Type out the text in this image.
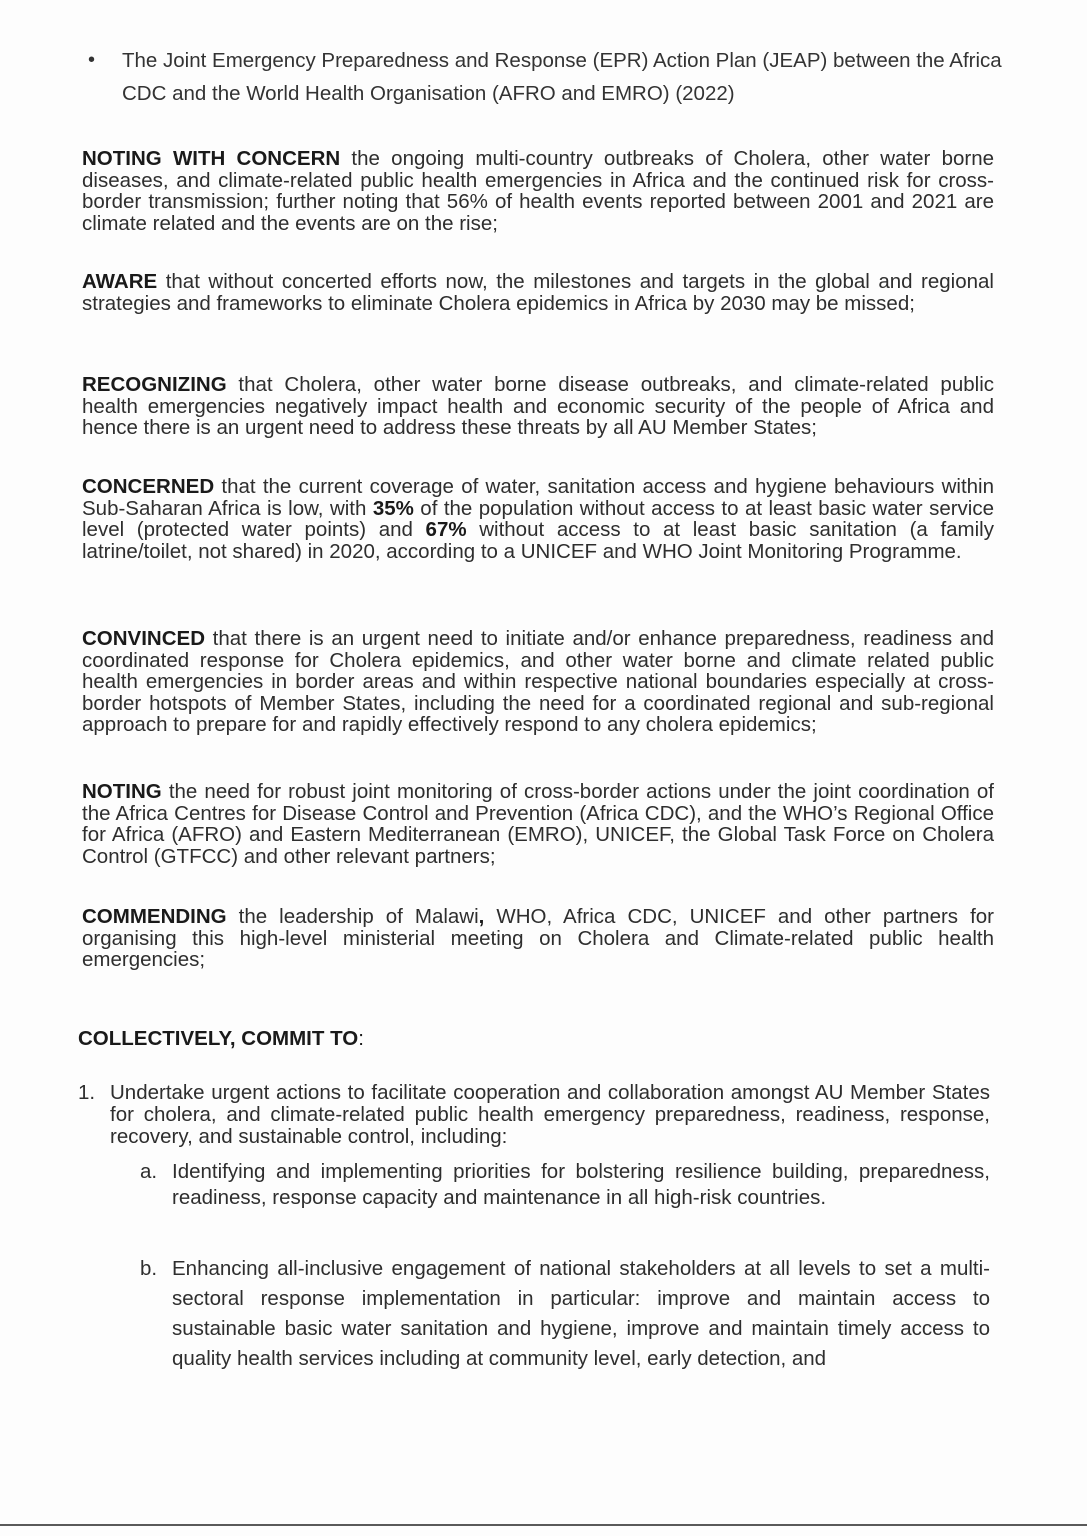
• The Joint Emergency Preparedness and Response (EPR) Action Plan (JEAP) between the Africa CDC and the World Health Organisation (AFRO and EMRO) (2022)
NOTING WITH CONCERN the ongoing multi-country outbreaks of Cholera, other water borne diseases, and climate-related public health emergencies in Africa and the continued risk for cross-border transmission; further noting that 56% of health events reported between 2001 and 2021 are climate related and the events are on the rise;
AWARE that without concerted efforts now, the milestones and targets in the global and regional strategies and frameworks to eliminate Cholera epidemics in Africa by 2030 may be missed;
RECOGNIZING that Cholera, other water borne disease outbreaks, and climate-related public health emergencies negatively impact health and economic security of the people of Africa and hence there is an urgent need to address these threats by all AU Member States;
CONCERNED that the current coverage of water, sanitation access and hygiene behaviours within Sub-Saharan Africa is low, with 35% of the population without access to at least basic water service level (protected water points) and 67% without access to at least basic sanitation (a family latrine/toilet, not shared) in 2020, according to a UNICEF and WHO Joint Monitoring Programme.
CONVINCED that there is an urgent need to initiate and/or enhance preparedness, readiness and coordinated response for Cholera epidemics, and other water borne and climate related public health emergencies in border areas and within respective national boundaries especially at cross-border hotspots of Member States, including the need for a coordinated regional and sub-regional approach to prepare for and rapidly effectively respond to any cholera epidemics;
NOTING the need for robust joint monitoring of cross-border actions under the joint coordination of the Africa Centres for Disease Control and Prevention (Africa CDC), and the WHO’s Regional Office for Africa (AFRO) and Eastern Mediterranean (EMRO), UNICEF, the Global Task Force on Cholera Control (GTFCC) and other relevant partners;
COMMENDING the leadership of Malawi, WHO, Africa CDC, UNICEF and other partners for organising this high-level ministerial meeting on Cholera and Climate-related public health emergencies;
COLLECTIVELY, COMMIT TO:
1. Undertake urgent actions to facilitate cooperation and collaboration amongst AU Member States for cholera, and climate-related public health emergency preparedness, readiness, response, recovery, and sustainable control, including:
a. Identifying and implementing priorities for bolstering resilience building, preparedness, readiness, response capacity and maintenance in all high-risk countries.
b. Enhancing all-inclusive engagement of national stakeholders at all levels to set a multi-sectoral response implementation in particular: improve and maintain access to sustainable basic water sanitation and hygiene, improve and maintain timely access to quality health services including at community level, early detection, and
